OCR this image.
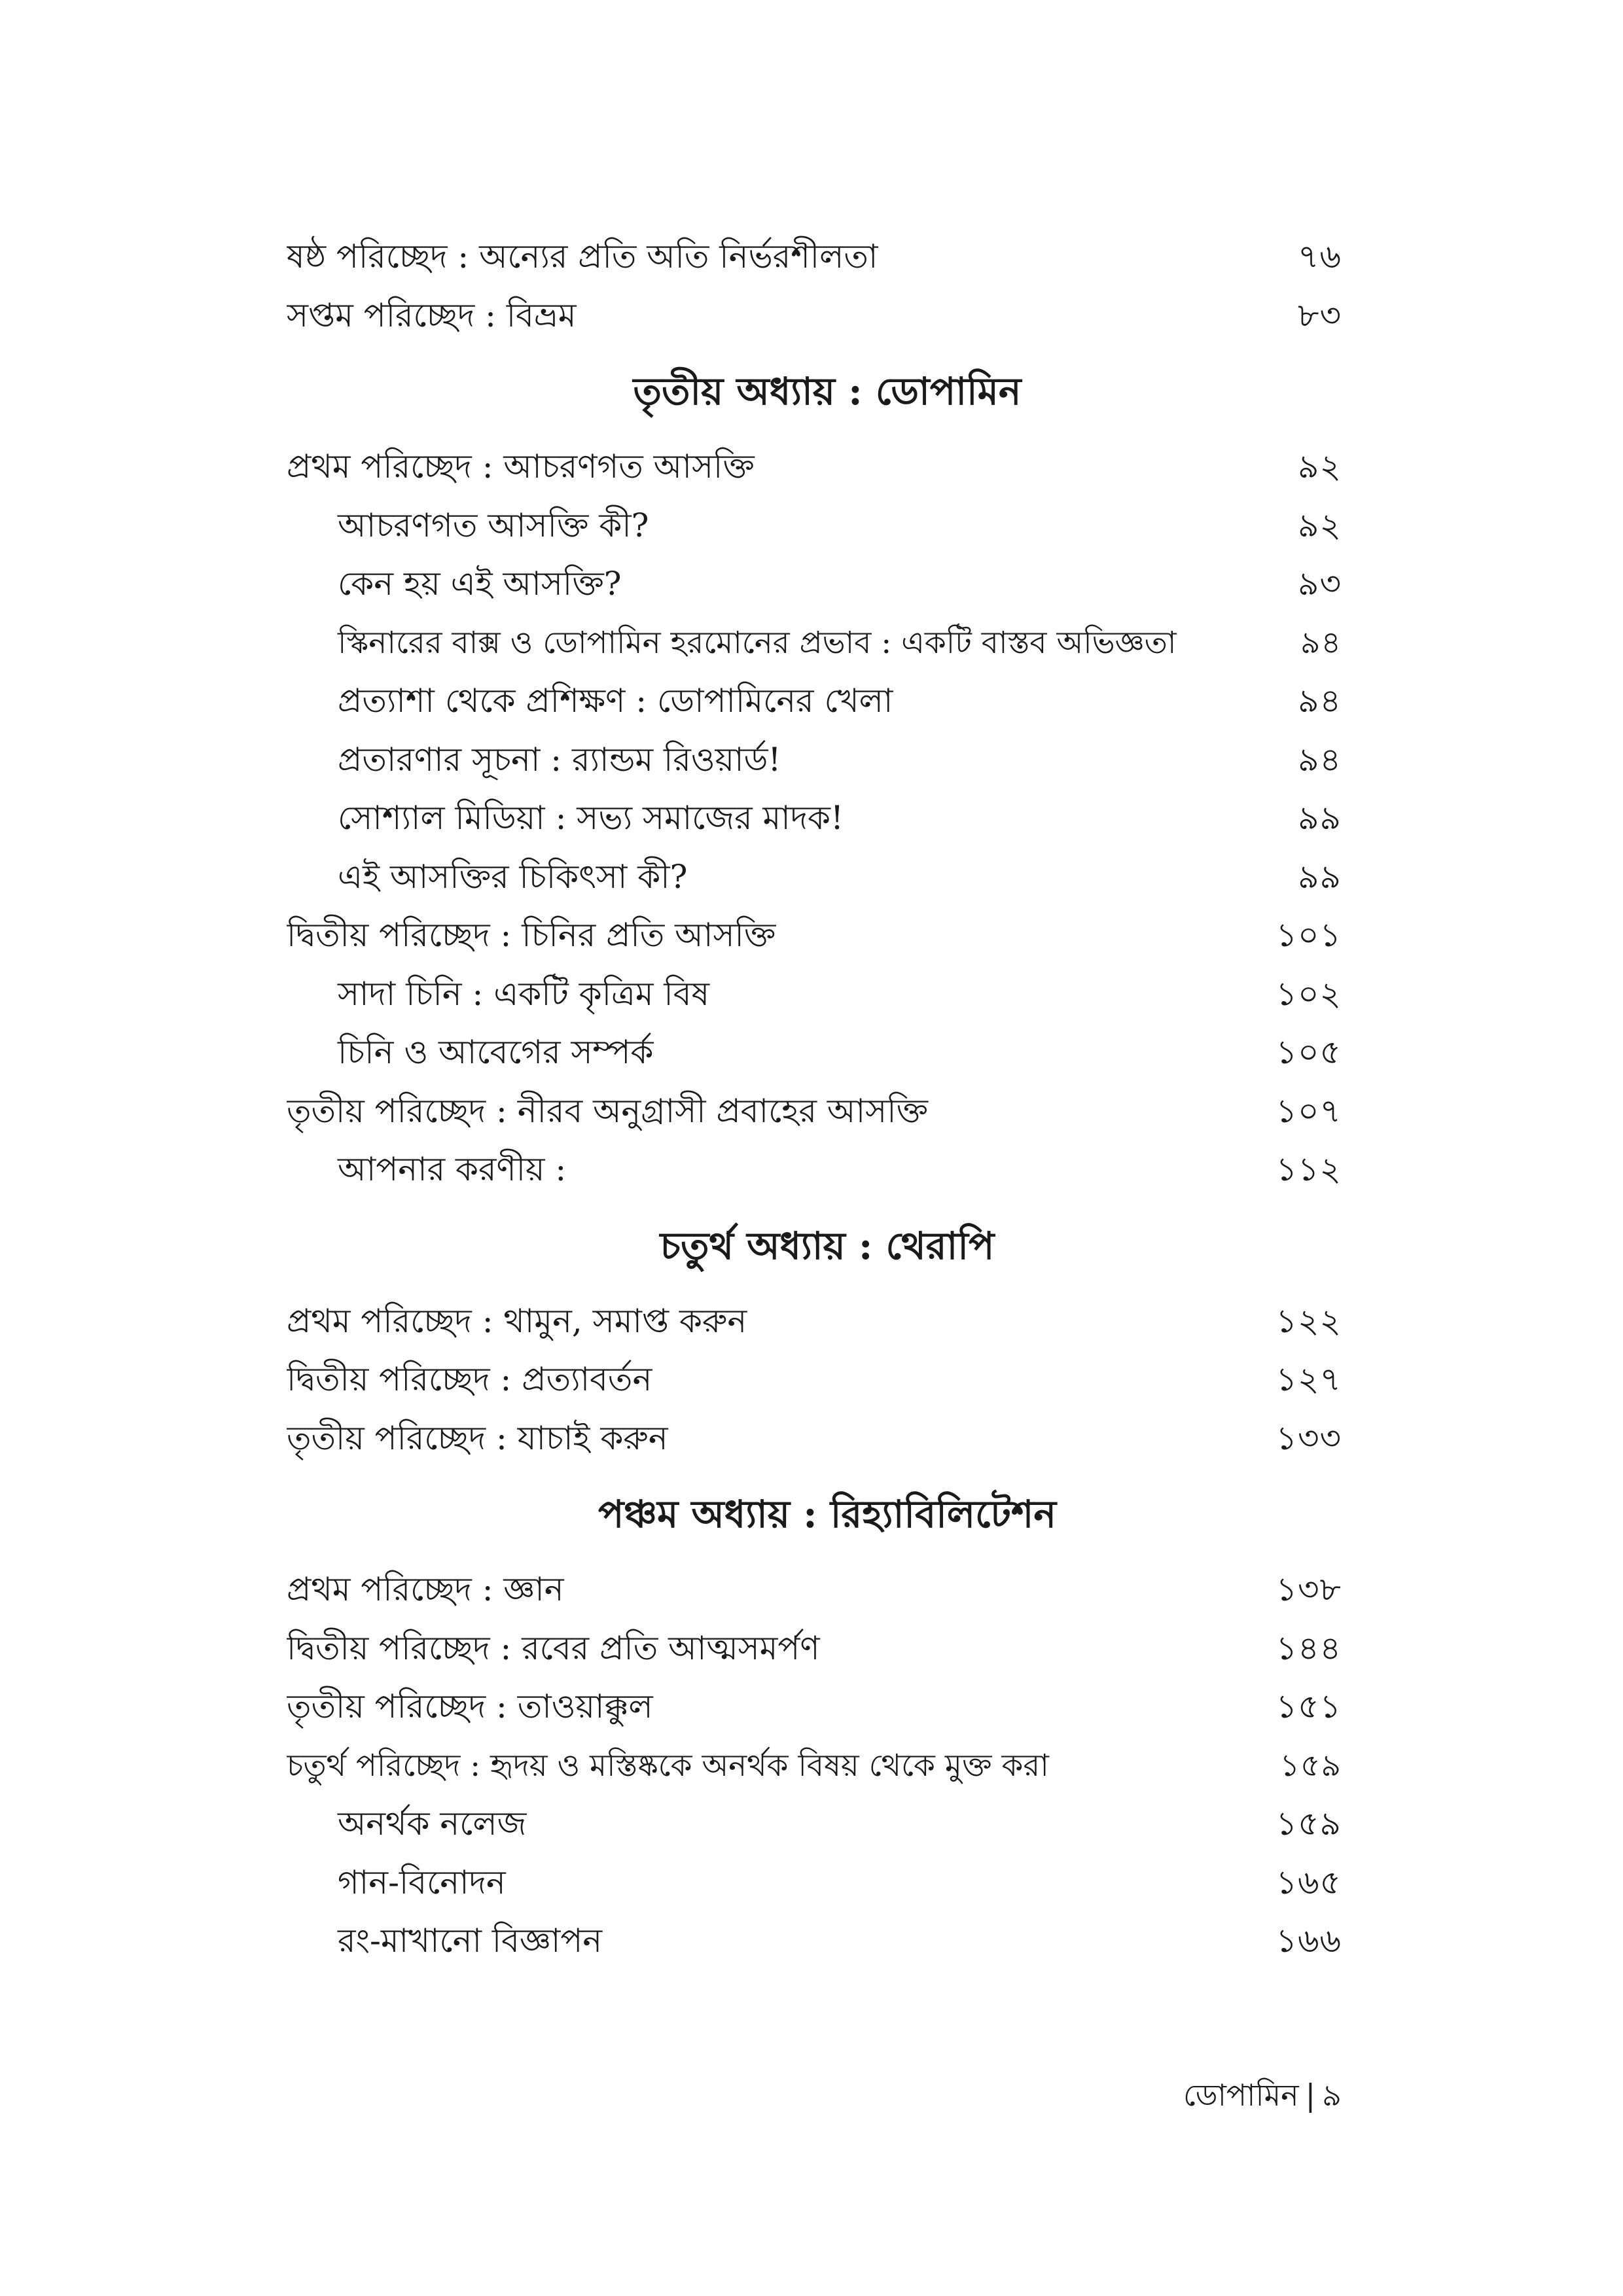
ষষ্ঠ পরিচ্ছেদ : অন্যের প্রতি অতি নির্ভরশীলতা	৭৬
সপ্তম পরিচ্ছেদ : বিভ্রম	৮৩
তৃতীয় অধ্যায় : ডোপামিন
প্রথম পরিচ্ছেদ : আচরণগত আসক্তি	৯২
আচরণগত আসক্তি কী?	৯২
কেন হয় এই আসক্তি?	৯৩
স্কিনারের বাক্স ও ডোপামিন হরমোনের প্রভাব : একটি বাস্তব অভিজ্ঞতা	৯৪
প্রত্যাশা থেকে প্রশিক্ষণ : ডোপামিনের খেলা	৯৪
প্রতারণার সূচনা : র‍্যান্ডম রিওয়ার্ড!	৯৪
সোশ্যাল মিডিয়া : সভ্য সমাজের মাদক!	৯৯
এই আসক্তির চিকিৎসা কী?	৯৯
দ্বিতীয় পরিচ্ছেদ : চিনির প্রতি আসক্তি	১০১
সাদা চিনি : একটি কৃত্রিম বিষ	১০২
চিনি ও আবেগের সম্পর্ক	১০৫
তৃতীয় পরিচ্ছেদ : নীরব অনুগ্রাসী প্রবাহের আসক্তি	১০৭
আপনার করণীয় :	১১২
চতুর্থ অধ্যায় : থেরাপি
প্রথম পরিচ্ছেদ : থামুন, সমাপ্ত করুন	১২২
দ্বিতীয় পরিচ্ছেদ : প্রত্যাবর্তন	১২৭
তৃতীয় পরিচ্ছেদ : যাচাই করুন	১৩৩
পঞ্চম অধ্যায় : রিহ্যাবিলিটেশন
প্রথম পরিচ্ছেদ : জ্ঞান	১৩৮
দ্বিতীয় পরিচ্ছেদ : রবের প্রতি আত্মসমর্পণ	১৪৪
তৃতীয় পরিচ্ছেদ : তাওয়াক্কুল	১৫১
চতুর্থ পরিচ্ছেদ : হৃদয় ও মস্তিষ্ককে অনর্থক বিষয় থেকে মুক্ত করা	১৫৯
অনর্থক নলেজ	১৫৯
গান-বিনোদন	১৬৫
রং-মাখানো বিজ্ঞাপন	১৬৬
ডোপামিন | ৯
